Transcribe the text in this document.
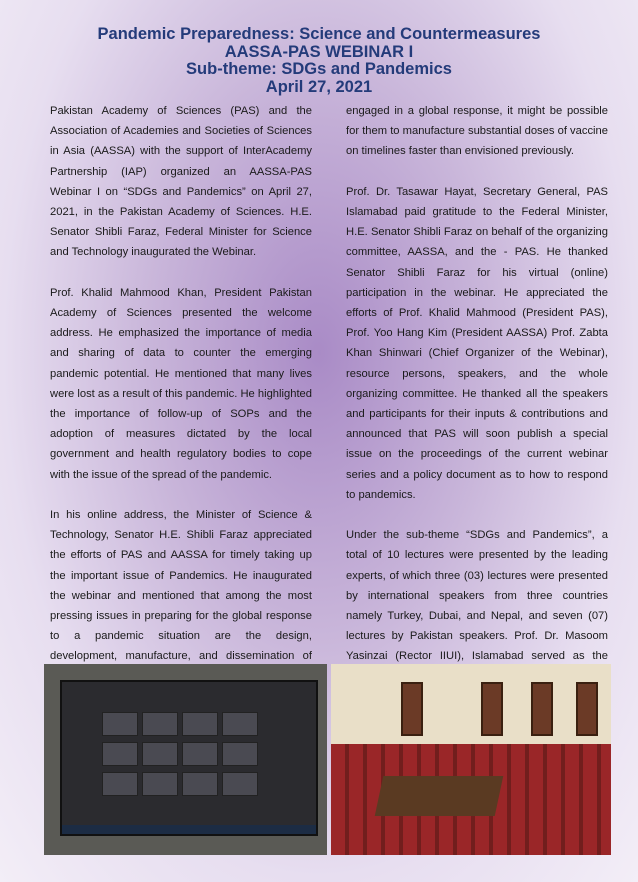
Pandemic Preparedness: Science and Countermeasures
AASSA-PAS WEBINAR I
Sub-theme: SDGs and Pandemics
April 27, 2021

Pakistan Academy of Sciences (PAS) and the Association of Academies and Societies of Sciences in Asia (AASSA) with the support of InterAcademy Partnership (IAP) organized an AASSA-PAS Webinar I on “SDGs and Pandemics” on April 27, 2021, in the Pakistan Academy of Sciences. H.E. Senator Shibli Faraz, Federal Minister for Science and Technology inaugurated the Webinar.

Prof. Khalid Mahmood Khan, President Pakistan Academy of Sciences presented the welcome address. He emphasized the importance of media and sharing of data to counter the emerging pandemic potential. He mentioned that many lives were lost as a result of this pandemic. He highlighted the importance of follow-up of SOPs and the adoption of measures dictated by the local government and health regulatory bodies to cope with the issue of the spread of the pandemic.

In his online address, the Minister of Science & Technology, Senator H.E. Shibli Faraz appreciated the efforts of PAS and AASSA for timely taking up the important issue of Pandemics. He inaugurated the webinar and mentioned that among the most pressing issues in preparing for the global response to a pandemic situation are the design, development, manufacture, and dissemination of

engaged in a global response, it might be possible for them to manufacture substantial doses of vaccine on timelines faster than envisioned previously.

Prof. Dr. Tasawar Hayat, Secretary General, PAS Islamabad paid gratitude to the Federal Minister, H.E. Senator Shibli Faraz on behalf of the organizing committee, AASSA, and the - PAS. He thanked Senator Shibli Faraz for his virtual (online) participation in the webinar. He appreciated the efforts of Prof. Khalid Mahmood (President PAS), Prof. Yoo Hang Kim (President AASSA) Prof. Zabta Khan Shinwari (Chief Organizer of the Webinar), resource persons, speakers, and the whole organizing committee. He thanked all the speakers and participants for their inputs & contributions and announced that PAS will soon publish a special issue on the proceedings of the current webinar series and a policy document as to how to respond to pandemics.

Under the sub-theme “SDGs and Pandemics”, a total of 10 lectures were presented by the leading experts, of which three (03) lectures were presented by international speakers from three countries namely Turkey, Dubai, and Nepal, and seven (07) lectures by Pakistan speakers. Prof. Dr. Masoom Yasinzai (Rector IIUI), Islamabad served as the
